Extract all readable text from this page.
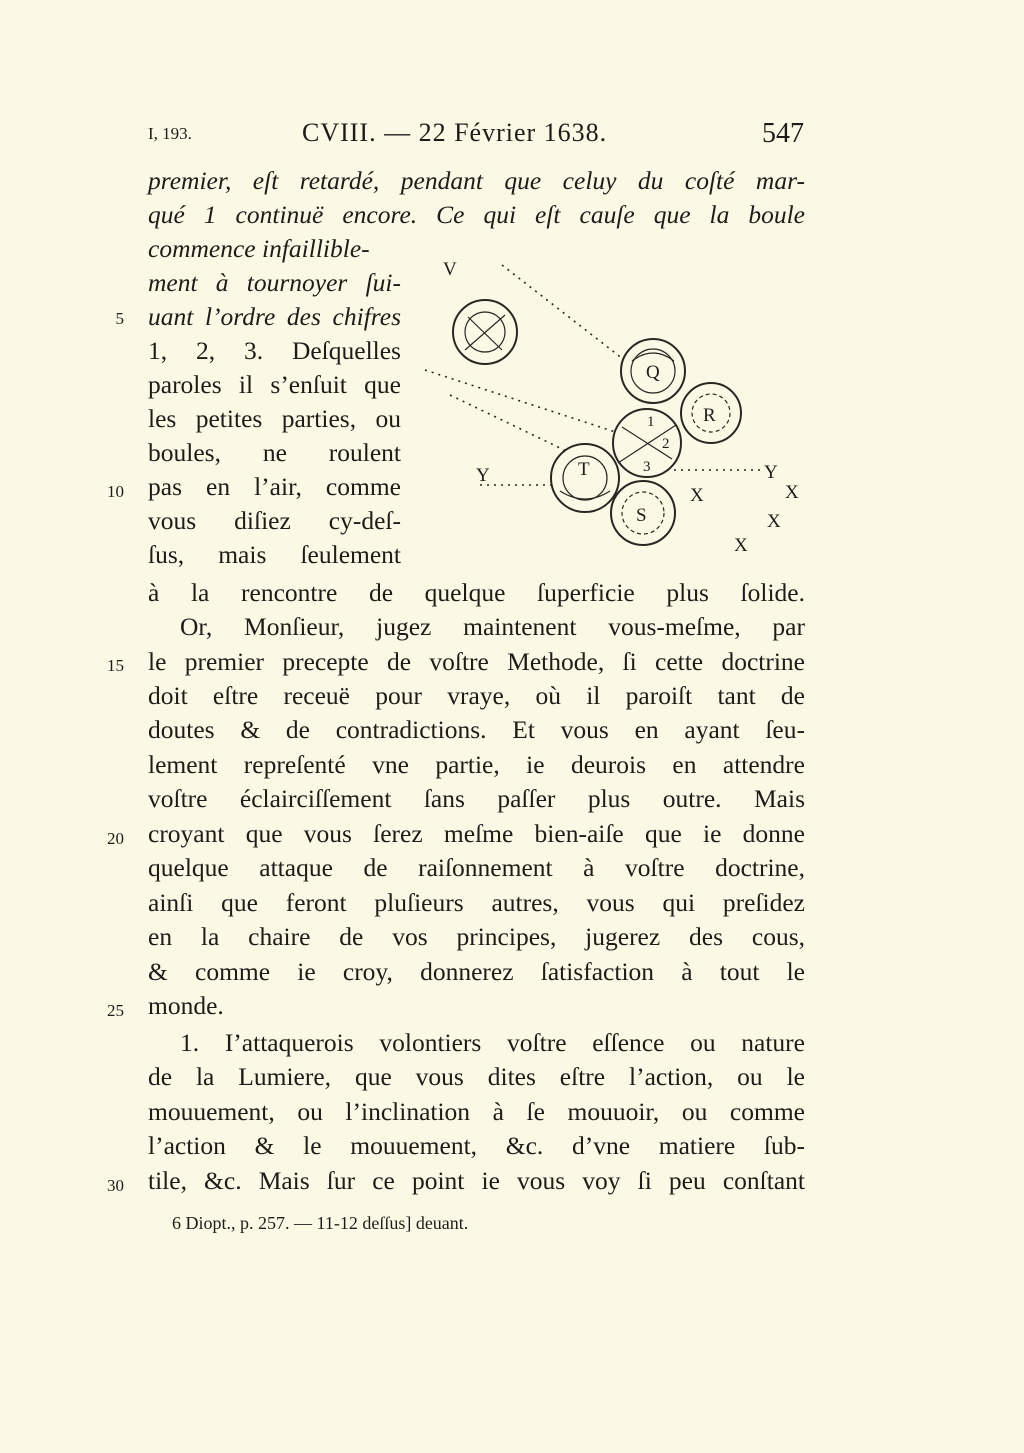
I, 193.	CVIII. — 22 Février 1638.	547
premier, eſt retardé, pendant que celuy du coſté mar-
qué 1 continuë encore. Ce qui eſt cauſe que la boule
commence infaillible-
ment à tournoyer ſui-
uant l’ordre des chifres
1, 2, 3. Deſquelles
paroles il s’enſuit que
les petites parties, ou
boules, ne roulent
pas en l’air, comme
vous diſiez cy-deſ-
ſus, mais ſeulement
à la rencontre de quelque ſuperficie plus ſolide.
Or, Monſieur, jugez maintenent vous-meſme, par
le premier precepte de voſtre Methode, ſi cette doctrine
doit eſtre receuë pour vraye, où il paroiſt tant de
doutes & de contradictions. Et vous en ayant ſeu-
lement repreſenté vne partie, ie deurois en attendre
voſtre éclairciſſement ſans paſſer plus outre. Mais
croyant que vous ſerez meſme bien-aiſe que ie donne
quelque attaque de raiſonnement à voſtre doctrine,
ainſi que feront pluſieurs autres, vous qui preſidez
en la chaire de vos principes, jugerez des cous,
& comme ie croy, donnerez ſatisfaction à tout le
monde.
1. I’attaquerois volontiers voſtre eſſence ou nature
de la Lumiere, que vous dites eſtre l’action, ou le
mouuement, ou l’inclination à ſe mouuoir, ou comme
l’action & le mouuement, &c. d’vne matiere ſub-
tile, &c. Mais ſur ce point ie vous voy ſi peu conſtant
5
10
15
20
25
30
V
Q
R
T
S
Y	Y
X	X
X
X
1
2
3
6 Diopt., p. 257. — 11-12 deſſus] deuant.
